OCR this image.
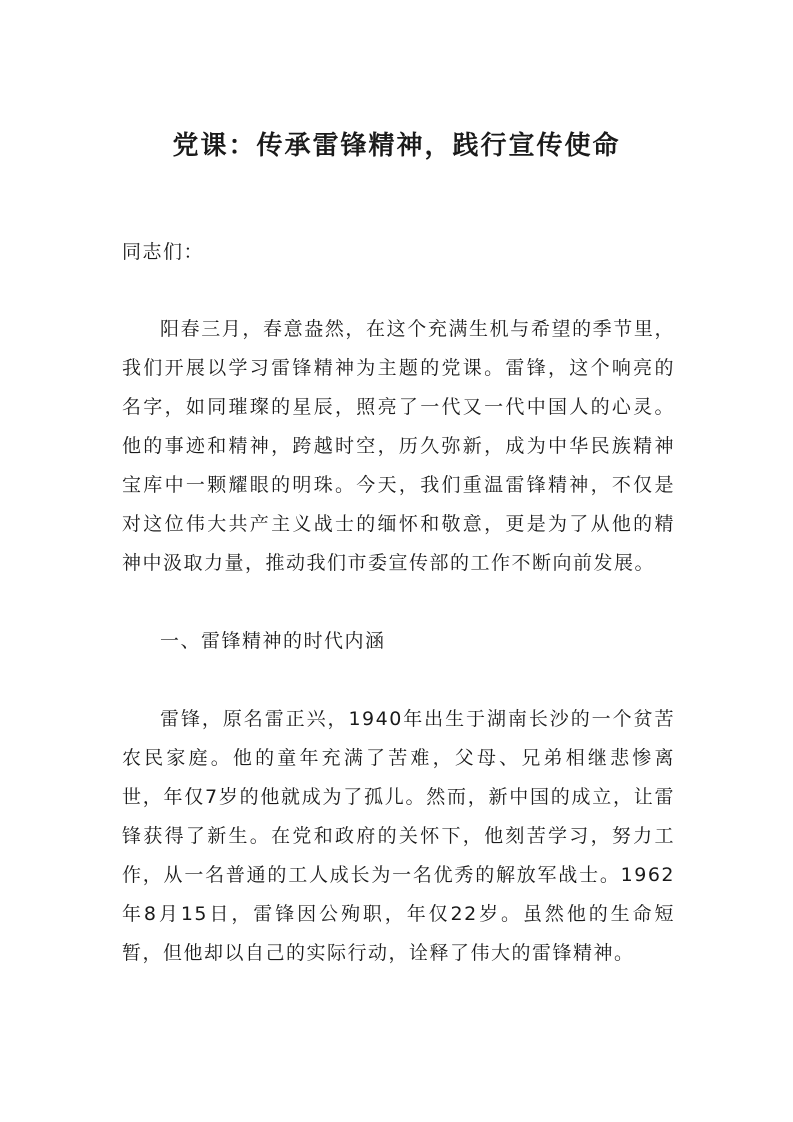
党课：传承雷锋精神，践行宣传使命

同志们：

阳春三月，春意盎然，在这个充满生机与希望的季节里，我们开展以学习雷锋精神为主题的党课。雷锋，这个响亮的名字，如同璀璨的星辰，照亮了一代又一代中国人的心灵。他的事迹和精神，跨越时空，历久弥新，成为中华民族精神宝库中一颗耀眼的明珠。今天，我们重温雷锋精神，不仅是对这位伟大共产主义战士的缅怀和敬意，更是为了从他的精神中汲取力量，推动我们市委宣传部的工作不断向前发展。

一、雷锋精神的时代内涵

雷锋，原名雷正兴，1940年出生于湖南长沙的一个贫苦农民家庭。他的童年充满了苦难，父母、兄弟相继悲惨离世，年仅7岁的他就成为了孤儿。然而，新中国的成立，让雷锋获得了新生。在党和政府的关怀下，他刻苦学习，努力工作，从一名普通的工人成长为一名优秀的解放军战士。1962年8月15日，雷锋因公殉职，年仅22岁。虽然他的生命短暂，但他却以自己的实际行动，诠释了伟大的雷锋精神。
